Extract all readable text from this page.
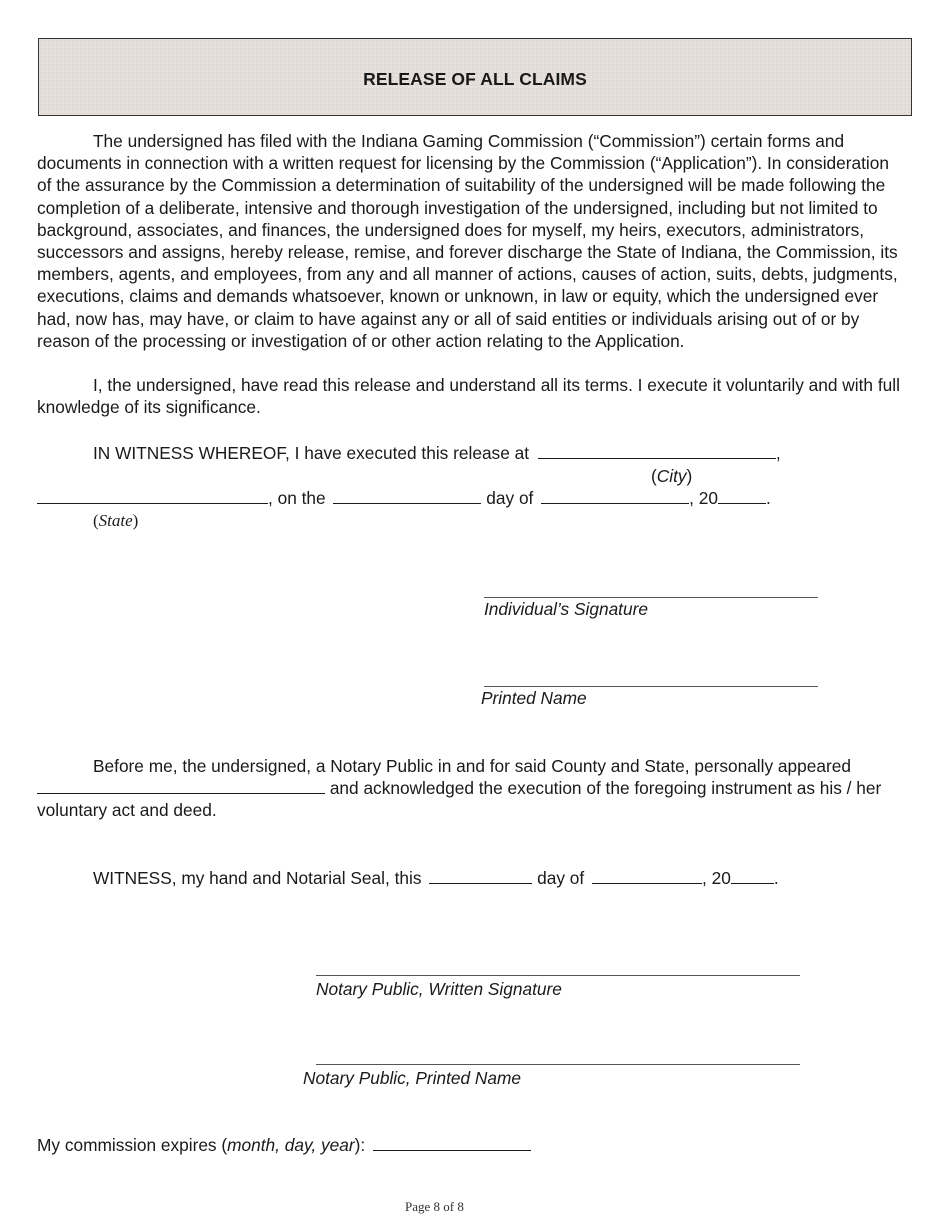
RELEASE OF ALL CLAIMS
The undersigned has filed with the Indiana Gaming Commission (“Commission”) certain forms and
documents in connection with a written request for licensing by the Commission (“Application”). In consideration
of the assurance by the Commission a determination of suitability of the undersigned will be made following the
completion of a deliberate, intensive and thorough investigation of the undersigned, including but not limited to
background, associates, and finances, the undersigned does for myself, my heirs, executors, administrators,
successors and assigns, hereby release, remise, and forever discharge the State of Indiana, the Commission, its
members, agents, and employees, from any and all manner of actions, causes of action, suits, debts, judgments,
executions, claims and demands whatsoever, known or unknown, in law or equity, which the undersigned ever
had, now has, may have, or claim to have against any or all of said entities or individuals arising out of or by
reason of the processing or investigation of or other action relating to the Application.
I, the undersigned, have read this release and understand all its terms. I execute it voluntarily and with full
knowledge of its significance.
IN WITNESS WHEREOF, I have executed this release at	,
(City)
, on the	day of	, 20	.
(State)
Individual’s Signature
Printed Name
Before me, the undersigned, a Notary Public in and for said County and State, personally appeared
and acknowledged the execution of the foregoing instrument as his / her
voluntary act and deed.
WITNESS, my hand and Notarial Seal, this	day of	, 20 .
Notary Public, Written Signature
Notary Public, Printed Name
My commission expires (month, day, year):
Page 8 of 8
